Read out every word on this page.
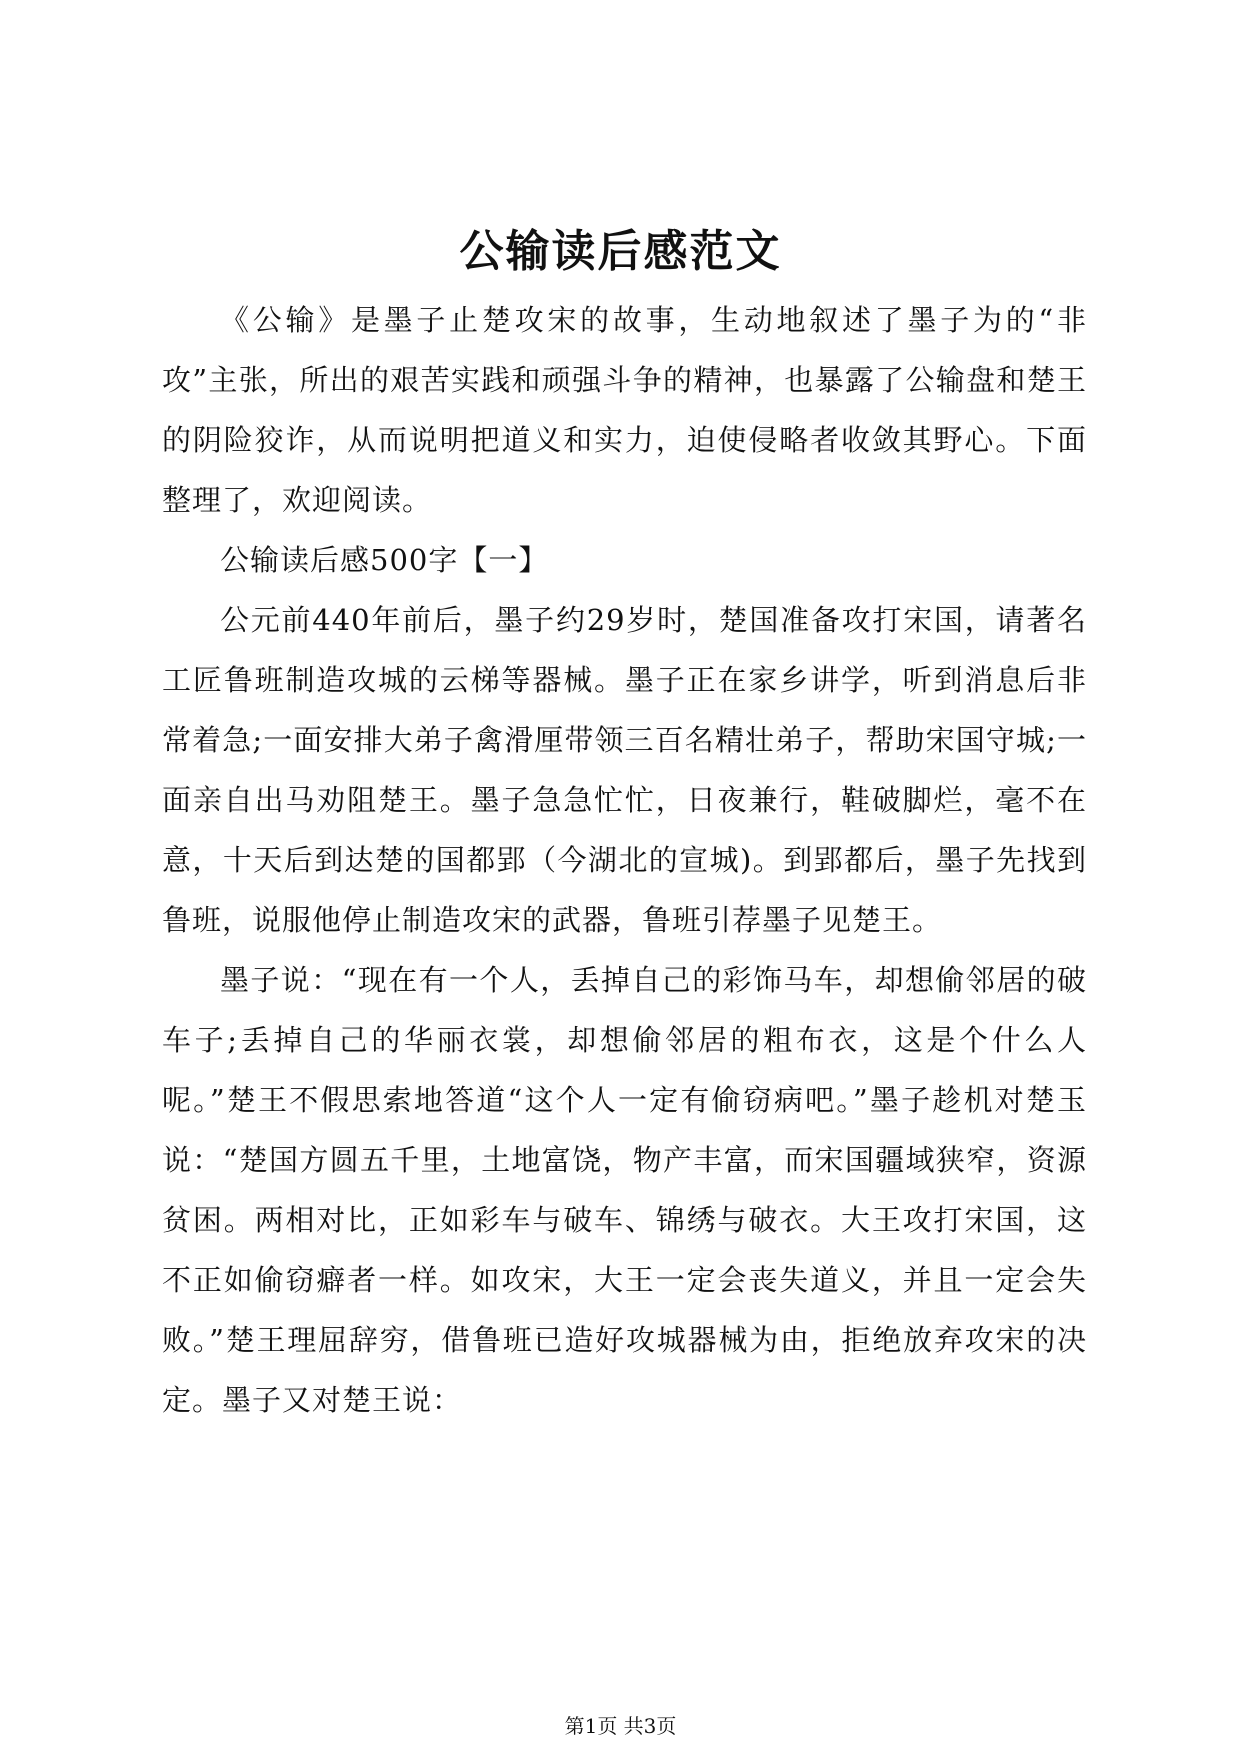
公输读后感范文

《公输》是墨子止楚攻宋的故事，生动地叙述了墨子为的“非攻”主张，所出的艰苦实践和顽强斗争的精神，也暴露了公输盘和楚王的阴险狡诈，从而说明把道义和实力，迫使侵略者收敛其野心。下面整理了，欢迎阅读。

公输读后感500字【一】

公元前440年前后，墨子约29岁时，楚国准备攻打宋国，请著名工匠鲁班制造攻城的云梯等器械。墨子正在家乡讲学，听到消息后非常着急;一面安排大弟子禽滑厘带领三百名精壮弟子，帮助宋国守城;一面亲自出马劝阻楚王。墨子急急忙忙，日夜兼行，鞋破脚烂，毫不在意，十天后到达楚的国都郢（今湖北的宣城)。到郢都后，墨子先找到鲁班，说服他停止制造攻宋的武器，鲁班引荐墨子见楚王。

墨子说：“现在有一个人，丢掉自己的彩饰马车，却想偷邻居的破车子;丢掉自己的华丽衣裳，却想偷邻居的粗布衣，这是个什么人呢。”楚王不假思索地答道“这个人一定有偷窃病吧。”墨子趁机对楚玉说：“楚国方圆五千里，土地富饶，物产丰富，而宋国疆域狭窄，资源贫困。两相对比，正如彩车与破车、锦绣与破衣。大王攻打宋国，这不正如偷窃癖者一样。如攻宋，大王一定会丧失道义，并且一定会失败。”楚王理屈辞穷，借鲁班已造好攻城器械为由，拒绝放弃攻宋的决定。墨子又对楚王说：

第1页 共3页
